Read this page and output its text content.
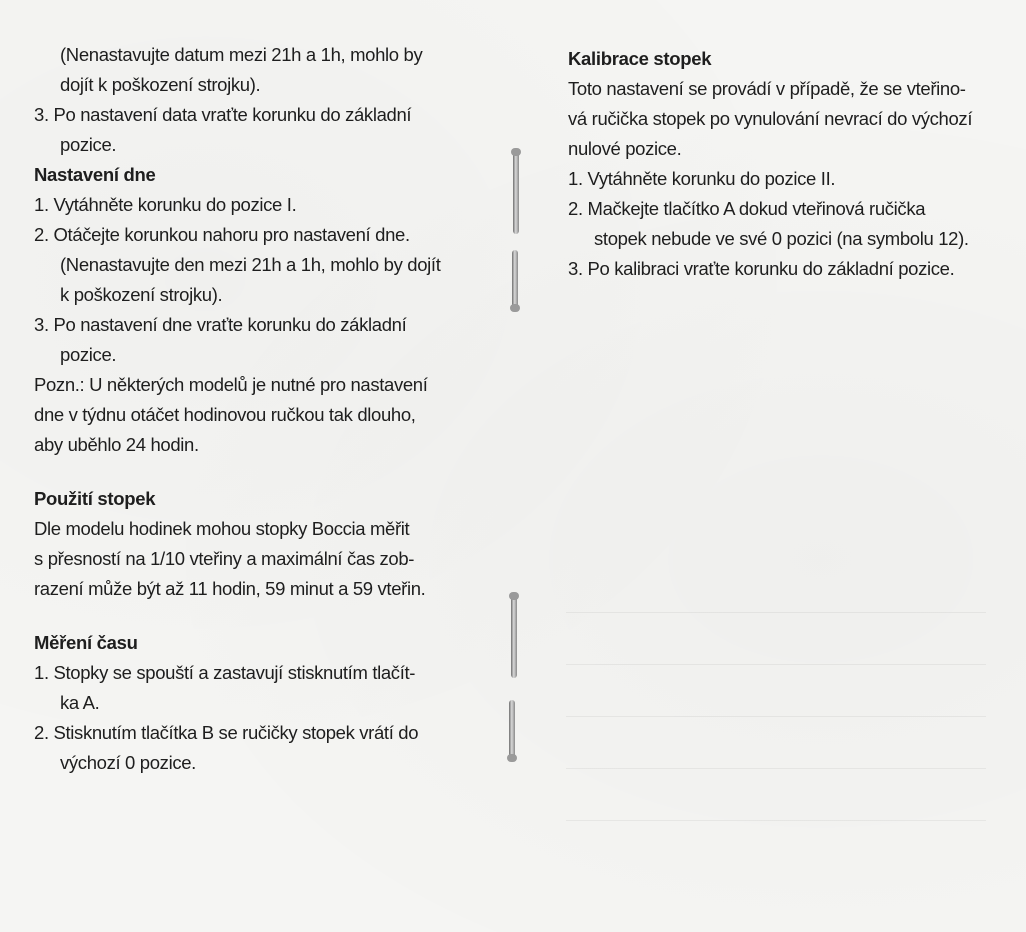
(Nenastavujte datum mezi 21h a 1h, mohlo by

dojít k poškození strojku).

3. Po nastavení data vraťte korunku do základní

pozice.

Nastavení dne

1. Vytáhněte korunku do pozice I.

2. Otáčejte korunkou nahoru pro nastavení dne.

(Nenastavujte den mezi 21h a 1h, mohlo by dojít

k poškození strojku).

3. Po nastavení dne vraťte korunku do základní

pozice.

Pozn.: U některých modelů je nutné pro nastavení

dne v týdnu otáčet hodinovou ručkou tak dlouho,

aby uběhlo 24 hodin.

Použití stopek

Dle modelu hodinek mohou stopky Boccia měřit

s přesností na 1/10 vteřiny a maximální čas zob-

razení může být až 11 hodin, 59 minut a 59 vteřin.

Měření času

1. Stopky se spouští a zastavují stisknutím tlačít-

ka A.

2. Stisknutím tlačítka B se ručičky stopek vrátí do

výchozí 0 pozice.

Kalibrace stopek

Toto nastavení se provádí v případě, že se vteřino-

vá ručička stopek po vynulování nevrací do výchozí

nulové pozice.

1. Vytáhněte korunku do pozice II.

2. Mačkejte tlačítko A dokud vteřinová ručička

stopek nebude ve své 0 pozici (na symbolu 12).

3. Po kalibraci vraťte korunku do základní pozice.
